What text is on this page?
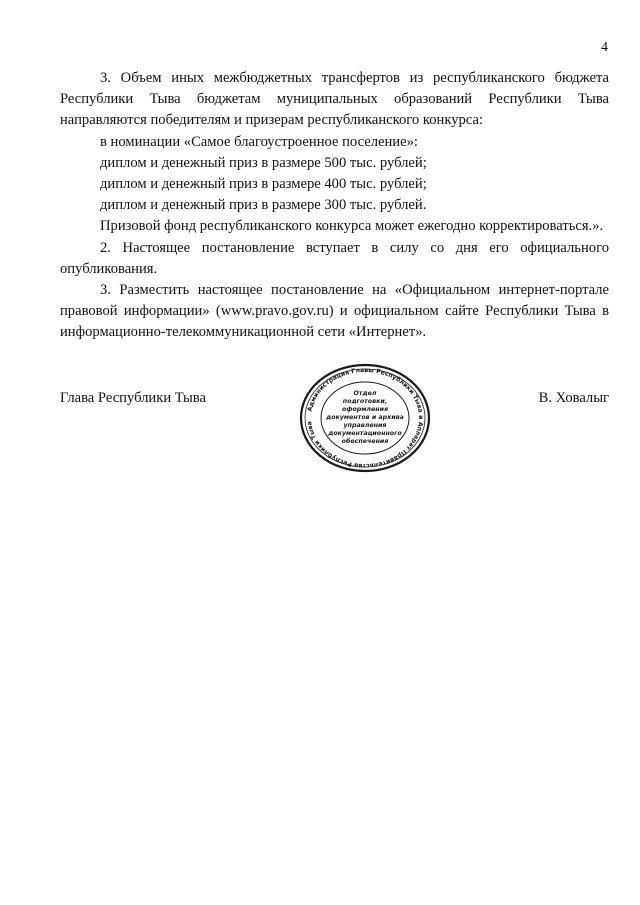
4

3. Объем иных межбюджетных трансфертов из республиканского бюджета Республики Тыва бюджетам муниципальных образований Республики Тыва направляются победителям и призерам республиканского конкурса:

в номинации «Самое благоустроенное поселение»:

диплом и денежный приз в размере 500 тыс. рублей;

диплом и денежный приз в размере 400 тыс. рублей;

диплом и денежный приз в размере 300 тыс. рублей.

Призовой фонд республиканского конкурса может ежегодно корректироваться.».

2. Настоящее постановление вступает в силу со дня его официального опубликования.

3. Разместить настоящее постановление на «Официальном интернет-портале правовой информации» (www.pravo.gov.ru) и официальном сайте Республики Тыва в информационно-телекоммуникационной сети «Интернет».

Глава Республики Тыва	В. Ховалыг
Администрация Главы Республики Тыва и Аппарат Правительства Республики Тыва
Отдел
подготовки,
оформления
документов и архива
управления
документационного
обеспечения
